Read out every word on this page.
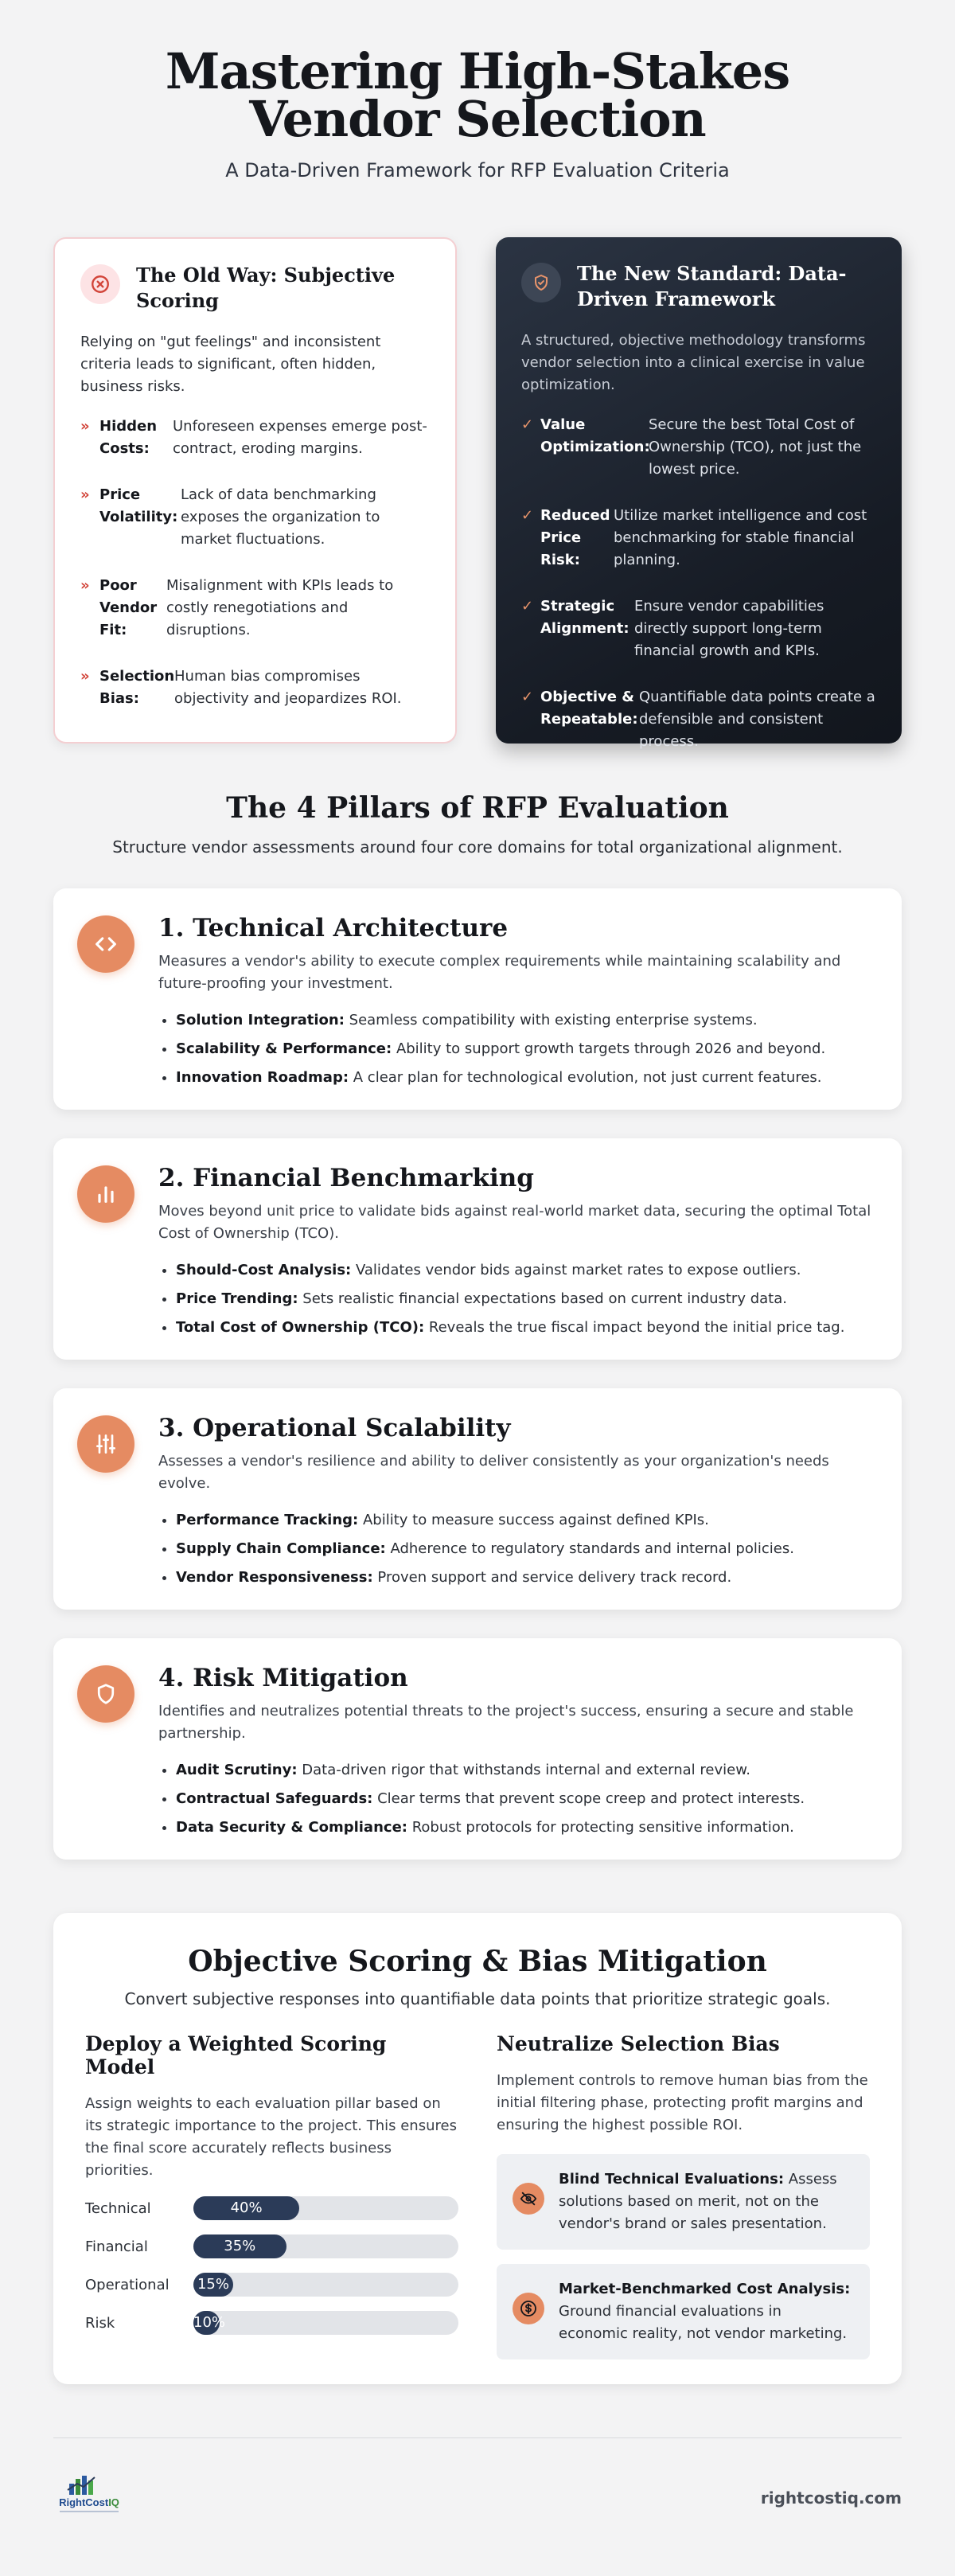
Mastering High-Stakes Vendor Selection

A Data-Driven Framework for RFP Evaluation Criteria

The Old Way: Subjective Scoring

Relying on "gut feelings" and inconsistent criteria leads to significant, often hidden, business risks.

» Hidden Costs:
Unforeseen expenses emerge post-contract, eroding margins.
» Price Volatility:
Lack of data benchmarking exposes the organization to market fluctuations.
» Poor Vendor Fit:
Misalignment with KPIs leads to costly renegotiations and disruptions.
» Selection Bias:
Human bias compromises objectivity and jeopardizes ROI.
The New Standard: Data-Driven Framework

A structured, objective methodology transforms vendor selection into a clinical exercise in value optimization.

✓ Value Optimization:
Secure the best Total Cost of Ownership (TCO), not just the lowest price.
✓ Reduced Price Risk:
Utilize market intelligence and cost benchmarking for stable financial planning.
✓ Strategic Alignment:
Ensure vendor capabilities directly support long-term financial growth and KPIs.
✓ Objective & Repeatable:
Quantifiable data points create a defensible and consistent process.
The 4 Pillars of RFP Evaluation

Structure vendor assessments around four core domains for total organizational alignment.

1. Technical Architecture

Measures a vendor's ability to execute complex requirements while maintaining scalability and future-proofing your investment.

• Solution Integration: Seamless compatibility with existing enterprise systems.
• Scalability & Performance: Ability to support growth targets through 2026 and beyond.
• Innovation Roadmap: A clear plan for technological evolution, not just current features.
2. Financial Benchmarking

Moves beyond unit price to validate bids against real-world market data, securing the optimal Total Cost of Ownership (TCO).

• Should-Cost Analysis: Validates vendor bids against market rates to expose outliers.
• Price Trending: Sets realistic financial expectations based on current industry data.
• Total Cost of Ownership (TCO): Reveals the true fiscal impact beyond the initial price tag.
3. Operational Scalability

Assesses a vendor's resilience and ability to deliver consistently as your organization's needs evolve.

• Performance Tracking: Ability to measure success against defined KPIs.
• Supply Chain Compliance: Adherence to regulatory standards and internal policies.
• Vendor Responsiveness: Proven support and service delivery track record.
4. Risk Mitigation

Identifies and neutralizes potential threats to the project's success, ensuring a secure and stable partnership.

• Audit Scrutiny: Data-driven rigor that withstands internal and external review.
• Contractual Safeguards: Clear terms that prevent scope creep and protect interests.
• Data Security & Compliance: Robust protocols for protecting sensitive information.
Objective Scoring & Bias Mitigation

Convert subjective responses into quantifiable data points that prioritize strategic goals.

Deploy a Weighted Scoring Model

Assign weights to each evaluation pillar based on its strategic importance to the project. This ensures the final score accurately reflects business priorities.

Technical	40%
Financial	35%
Operational	15%
Risk	10%
Neutralize Selection Bias

Implement controls to remove human bias from the initial filtering phase, protecting profit margins and ensuring the highest possible ROI.

Blind Technical Evaluations: Assess solutions based on merit, not on the vendor's brand or sales presentation.

Market-Benchmarked Cost Analysis: Ground financial evaluations in economic reality, not vendor marketing.

RightCostIQ	rightcostiq.com
